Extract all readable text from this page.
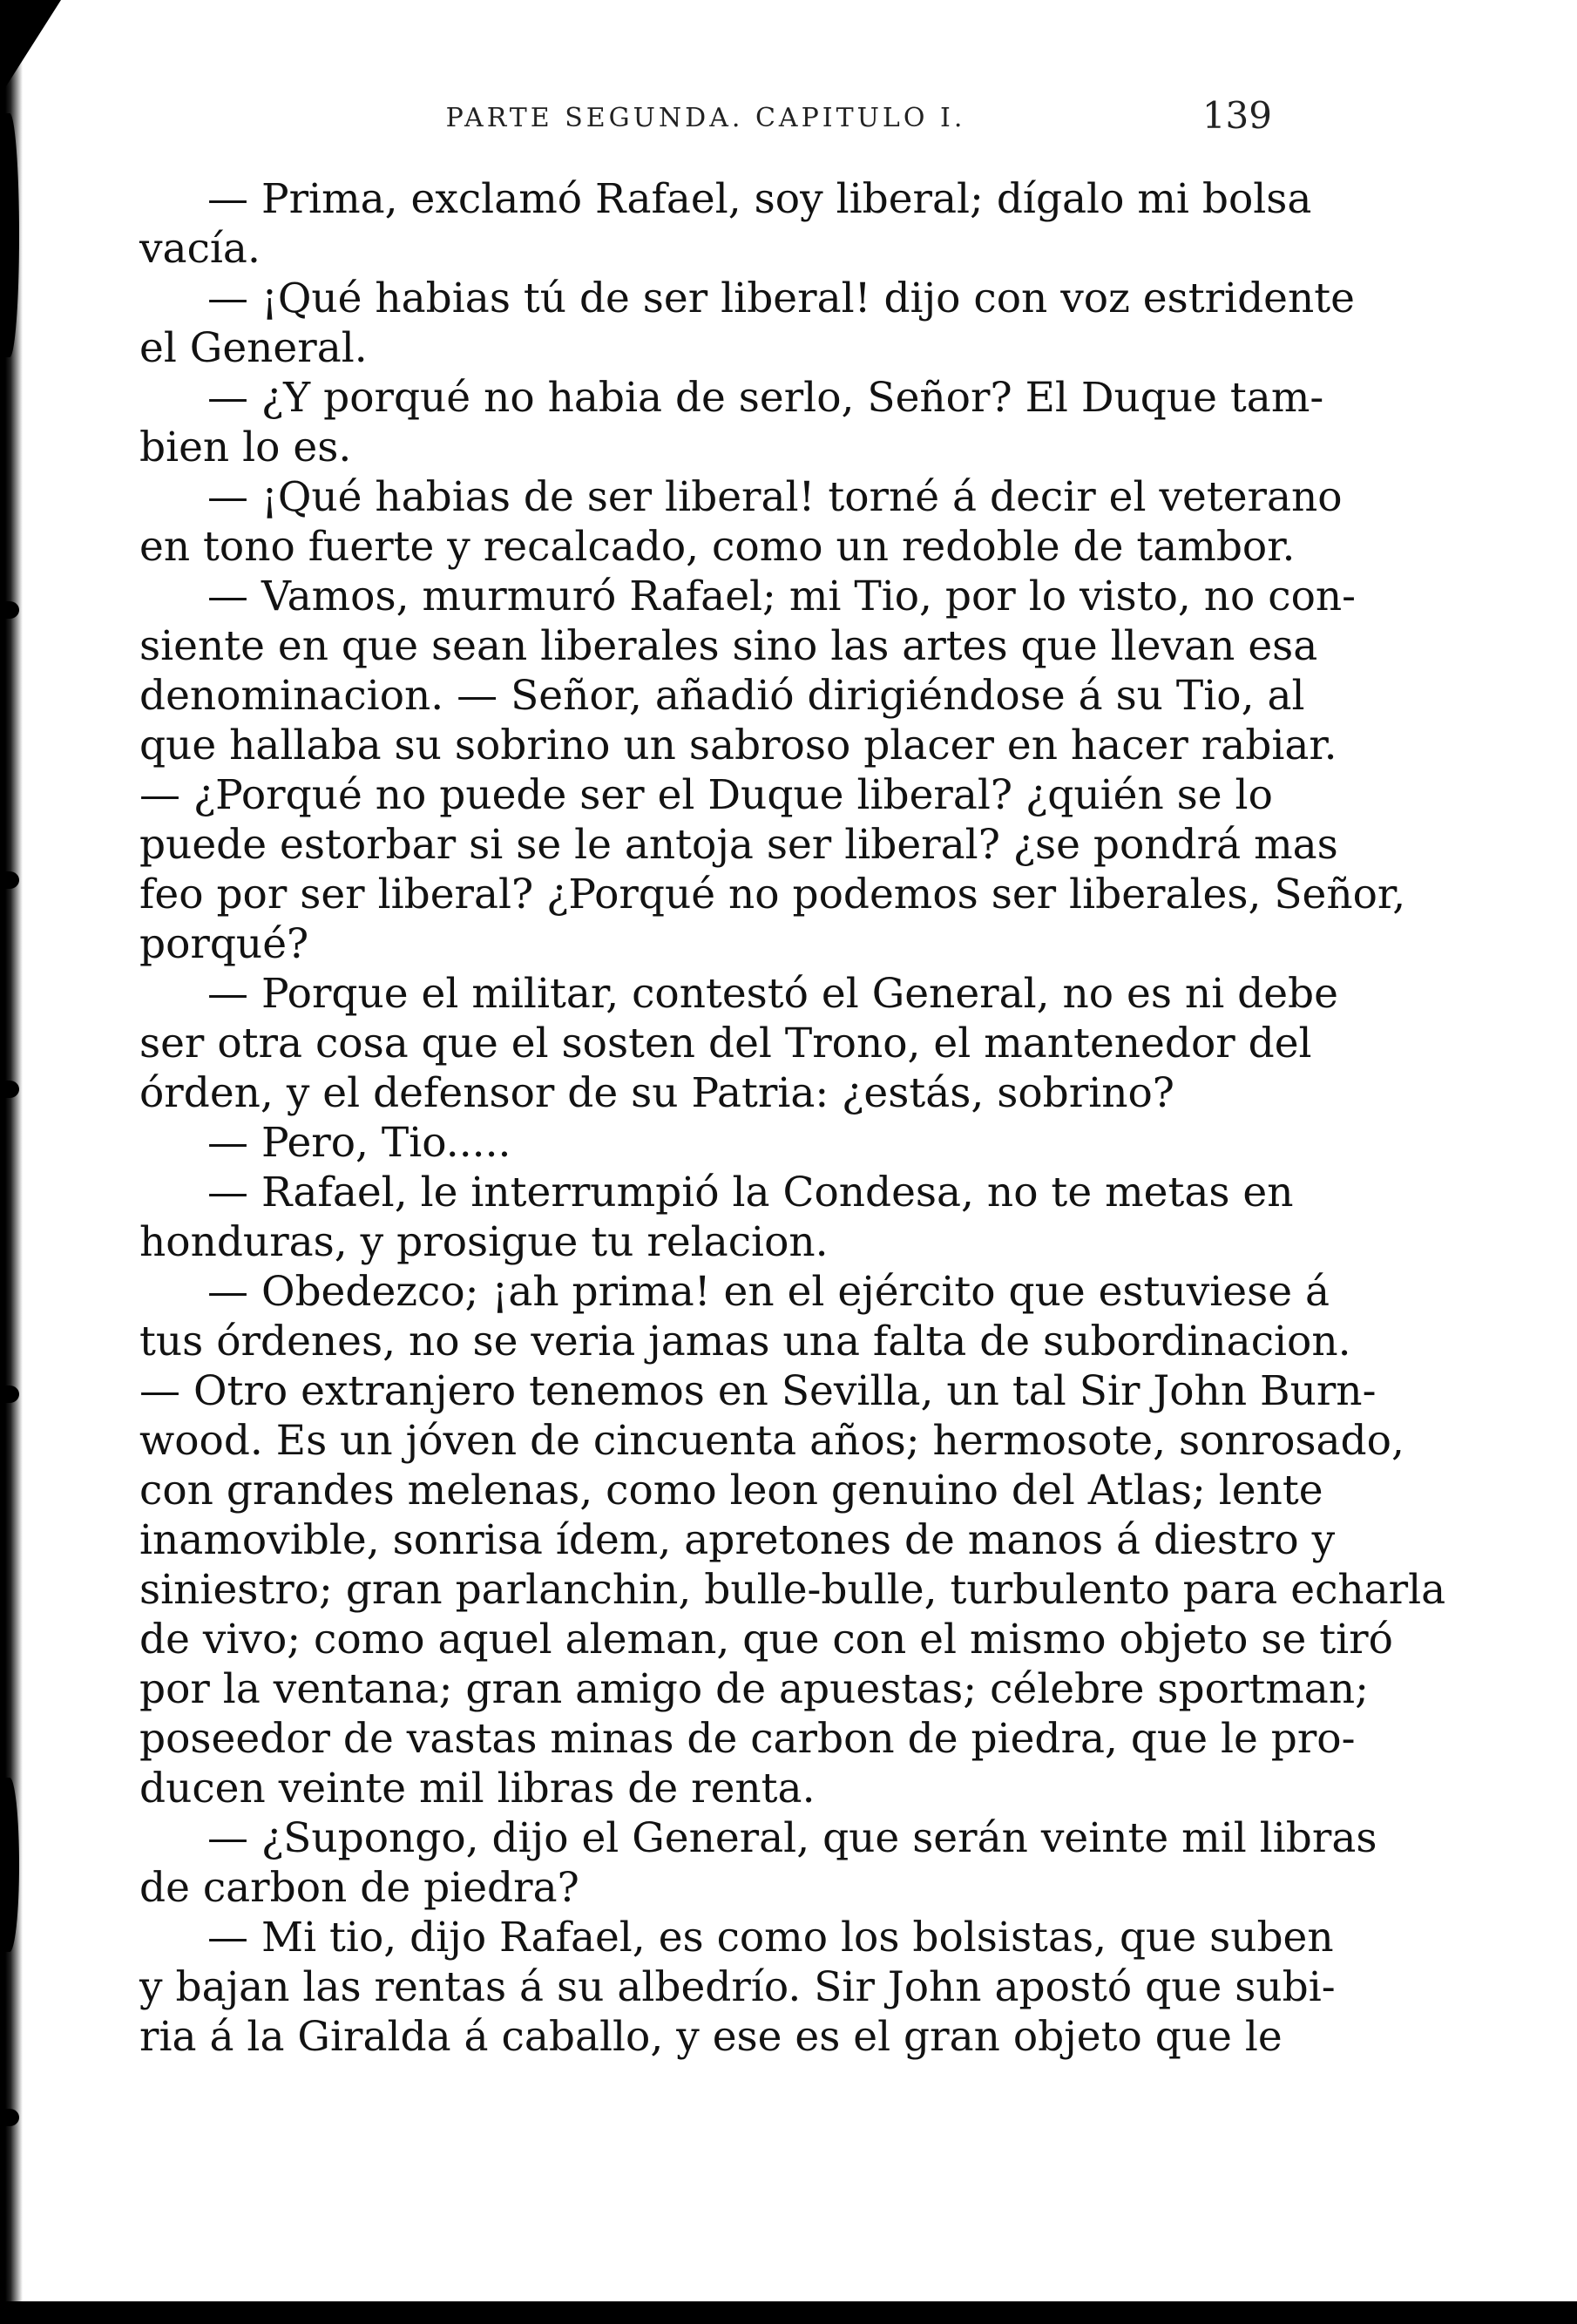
PARTE SEGUNDA. CAPITULO I.	139
— Prima, exclamó Rafael, soy liberal; dígalo mi bolsa
vacía.
— ¡Qué habias tú de ser liberal! dijo con voz estridente
el General.
— ¿Y porqué no habia de serlo, Señor? El Duque tam-
bien lo es.
— ¡Qué habias de ser liberal! torné á decir el veterano
en tono fuerte y recalcado, como un redoble de tambor.
— Vamos, murmuró Rafael; mi Tio, por lo visto, no con-
siente en que sean liberales sino las artes que llevan esa
denominacion. — Señor, añadió dirigiéndose á su Tio, al
que hallaba su sobrino un sabroso placer en hacer rabiar.
— ¿Porqué no puede ser el Duque liberal? ¿quién se lo
puede estorbar si se le antoja ser liberal? ¿se pondrá mas
feo por ser liberal? ¿Porqué no podemos ser liberales, Señor,
porqué?
— Porque el militar, contestó el General, no es ni debe
ser otra cosa que el sosten del Trono, el mantenedor del
órden, y el defensor de su Patria: ¿estás, sobrino?
— Pero, Tio.....
— Rafael, le interrumpió la Condesa, no te metas en
honduras, y prosigue tu relacion.
— Obedezco; ¡ah prima! en el ejército que estuviese á
tus órdenes, no se veria jamas una falta de subordinacion.
— Otro extranjero tenemos en Sevilla, un tal Sir John Burn-
wood. Es un jóven de cincuenta años; hermosote, sonrosado,
con grandes melenas, como leon genuino del Atlas; lente
inamovible, sonrisa ídem, apretones de manos á diestro y
siniestro; gran parlanchin, bulle-bulle, turbulento para echarla
de vivo; como aquel aleman, que con el mismo objeto se tiró
por la ventana; gran amigo de apuestas; célebre sportman;
poseedor de vastas minas de carbon de piedra, que le pro-
ducen veinte mil libras de renta.
— ¿Supongo, dijo el General, que serán veinte mil libras
de carbon de piedra?
— Mi tio, dijo Rafael, es como los bolsistas, que suben
y bajan las rentas á su albedrío. Sir John apostó que subi-
ria á la Giralda á caballo, y ese es el gran objeto que le
